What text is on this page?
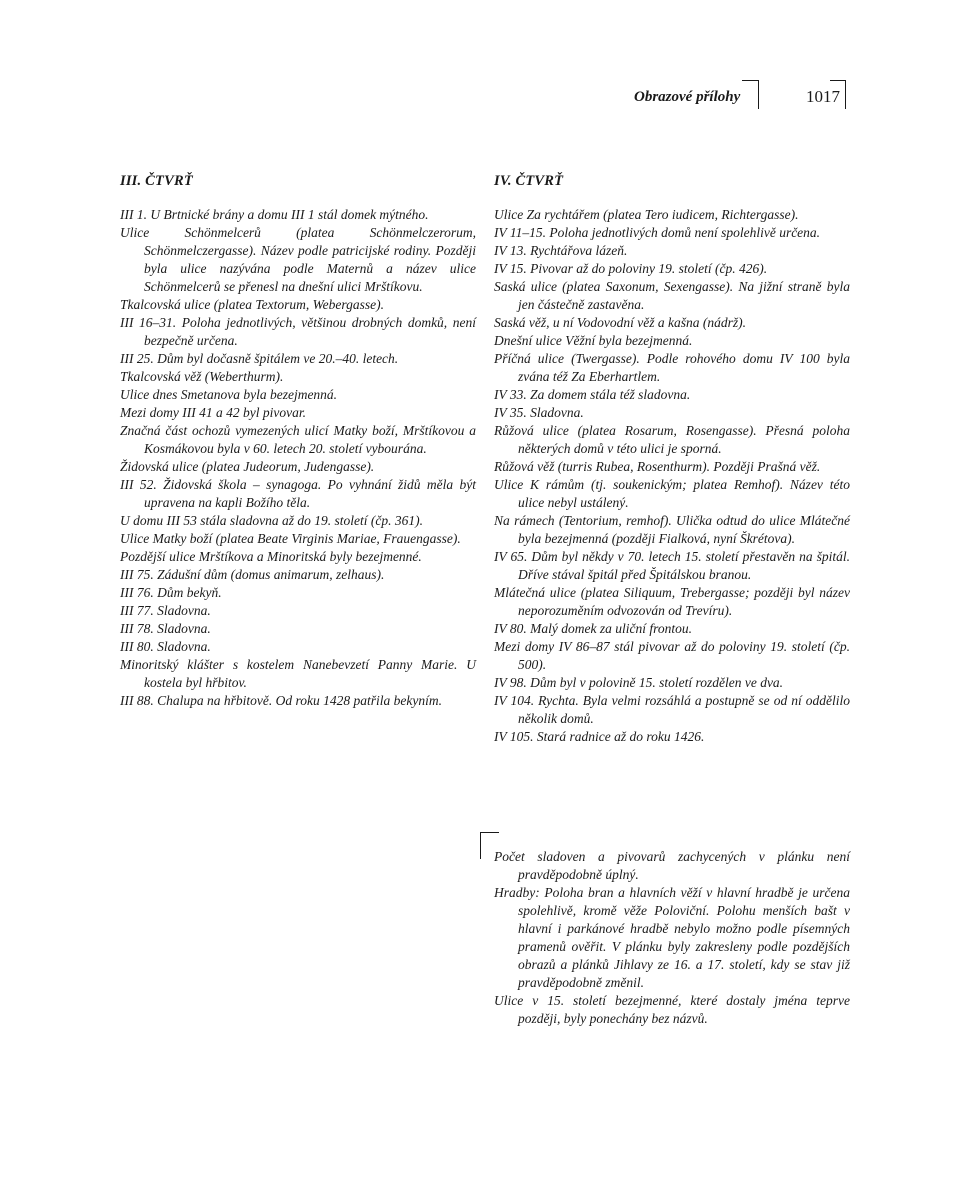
Obrazové přílohy	1017
III. ČTVRŤ
III 1. U Brtnické brány a domu III 1 stál domek mýtného.
Ulice Schönmelcerů (platea Schönmelczerorum, Schönmelczergasse). Název podle patricijské rodiny. Později byla ulice nazývána podle Maternů a název ulice Schönmelcerů se přenesl na dnešní ulici Mrštíkovu.
Tkalcovská ulice (platea Textorum, Webergasse).
III 16–31. Poloha jednotlivých, většinou drobných domků, není bezpečně určena.
III 25. Dům byl dočasně špitálem ve 20.–40. letech.
Tkalcovská věž (Weberthurm).
Ulice dnes Smetanova byla bezejmenná.
Mezi domy III 41 a 42 byl pivovar.
Značná část ochozů vymezených ulicí Matky boží, Mrštíkovou a Kosmákovou byla v 60. letech 20. století vybourána.
Židovská ulice (platea Judeorum, Judengasse).
III 52. Židovská škola – synagoga. Po vyhnání židů měla být upravena na kapli Božího těla.
U domu III 53 stála sladovna až do 19. století (čp. 361).
Ulice Matky boží (platea Beate Virginis Mariae, Frauengasse).
Pozdější ulice Mrštíkova a Minoritská byly bezejmenné.
III 75. Zádušní dům (domus animarum, zelhaus).
III 76. Dům bekyň.
III 77. Sladovna.
III 78. Sladovna.
III 80. Sladovna.
Minoritský klášter s kostelem Nanebevzetí Panny Marie. U kostela byl hřbitov.
III 88. Chalupa na hřbitově. Od roku 1428 patřila bekyním.
IV. ČTVRŤ
Ulice Za rychtářem (platea Tero iudicem, Richtergasse).
IV 11–15. Poloha jednotlivých domů není spolehlivě určena.
IV 13. Rychtářova lázeň.
IV 15. Pivovar až do poloviny 19. století (čp. 426).
Saská ulice (platea Saxonum, Sexengasse). Na jižní straně byla jen částečně zastavěna.
Saská věž, u ní Vodovodní věž a kašna (nádrž).
Dnešní ulice Věžní byla bezejmenná.
Příčná ulice (Twergasse). Podle rohového domu IV 100 byla zvána též Za Eberhartlem.
IV 33. Za domem stála též sladovna.
IV 35. Sladovna.
Růžová ulice (platea Rosarum, Rosengasse). Přesná poloha některých domů v této ulici je sporná.
Růžová věž (turris Rubea, Rosenthurm). Později Prašná věž.
Ulice K rámům (tj. soukenickým; platea Remhof). Název této ulice nebyl ustálený.
Na rámech (Tentorium, remhof). Ulička odtud do ulice Mlátečné byla bezejmenná (později Fialková, nyní Škrétova).
IV 65. Dům byl někdy v 70. letech 15. století přestavěn na špitál. Dříve stával špitál před Špitálskou branou.
Mlátečná ulice (platea Siliquum, Trebergasse; později byl název neporozuměním odvozován od Trevíru).
IV 80. Malý domek za uliční frontou.
Mezi domy IV 86–87 stál pivovar až do poloviny 19. století (čp. 500).
IV 98. Dům byl v polovině 15. století rozdělen ve dva.
IV 104. Rychta. Byla velmi rozsáhlá a postupně se od ní oddělilo několik domů.
IV 105. Stará radnice až do roku 1426.
Počet sladoven a pivovarů zachycených v plánku není pravděpodobně úplný.
Hradby: Poloha bran a hlavních věží v hlavní hradbě je určena spolehlivě, kromě věže Poloviční. Polohu menších bašt v hlavní i parkánové hradbě nebylo možno podle písemných pramenů ověřit. V plánku byly zakresleny podle pozdějších obrazů a plánků Jihlavy ze 16. a 17. století, kdy se stav již pravděpodobně změnil.
Ulice v 15. století bezejmenné, které dostaly jména teprve později, byly ponechány bez názvů.
